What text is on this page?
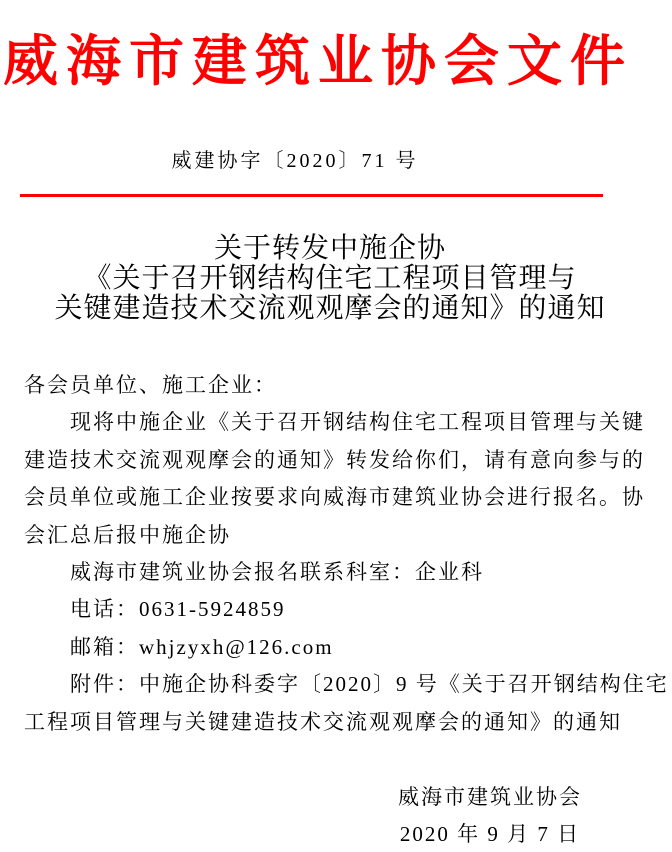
威海市建筑业协会文件
威建协字〔2020〕71 号
关于转发中施企协
《关于召开钢结构住宅工程项目管理与
关键建造技术交流观观摩会的通知》的通知
各会员单位、施工企业：
现将中施企业《关于召开钢结构住宅工程项目管理与关键
建造技术交流观观摩会的通知》转发给你们，请有意向参与的
会员单位或施工企业按要求向威海市建筑业协会进行报名。协
会汇总后报中施企协
威海市建筑业协会报名联系科室：企业科
电话：0631-5924859
邮箱：whjzyxh@126.com
附件：中施企协科委字〔2020〕9 号《关于召开钢结构住宅
工程项目管理与关键建造技术交流观观摩会的通知》的通知
威海市建筑业协会
2020 年 9 月 7 日
